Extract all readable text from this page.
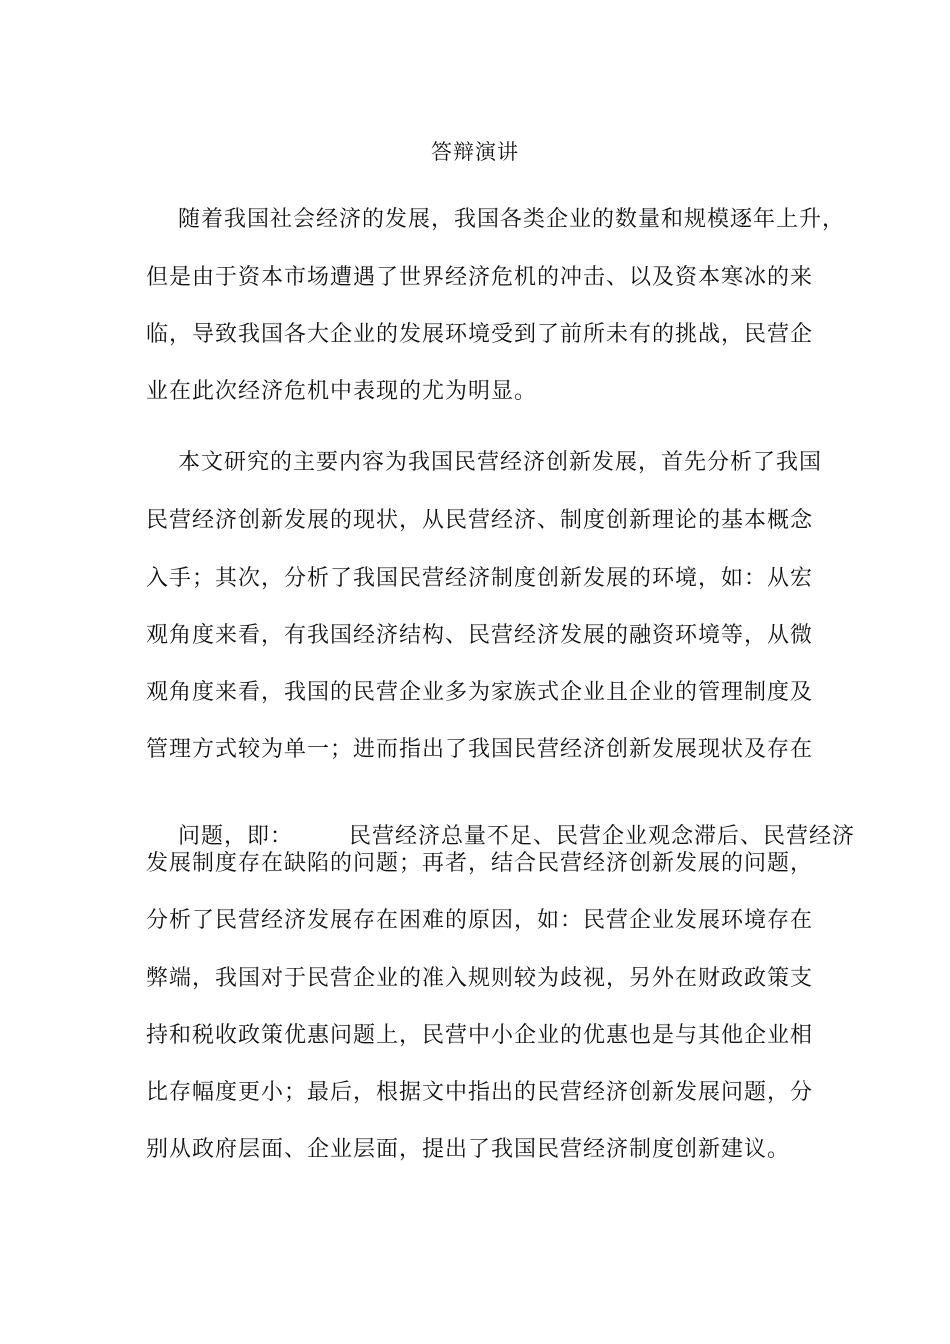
答辩演讲
随着我国社会经济的发展，我国各类企业的数量和规模逐年上升，
但是由于资本市场遭遇了世界经济危机的冲击、以及资本寒冰的来
临，导致我国各大企业的发展环境受到了前所未有的挑战，民营企
业在此次经济危机中表现的尤为明显。
本文研究的主要内容为我国民营经济创新发展，首先分析了我国
民营经济创新发展的现状，从民营经济、制度创新理论的基本概念
入手；其次，分析了我国民营经济制度创新发展的环境，如：从宏
观角度来看，有我国经济结构、民营经济发展的融资环境等，从微
观角度来看，我国的民营企业多为家族式企业且企业的管理制度及
管理方式较为单一；进而指出了我国民营经济创新发展现状及存在

问题，即：	民营经济总量不足、民营企业观念滞后、民营经济

发展制度存在缺陷的问题；再者，结合民营经济创新发展的问题，
分析了民营经济发展存在困难的原因，如：民营企业发展环境存在
弊端，我国对于民营企业的准入规则较为歧视，另外在财政政策支
持和税收政策优惠问题上，民营中小企业的优惠也是与其他企业相
比存幅度更小；最后，根据文中指出的民营经济创新发展问题，分
别从政府层面、企业层面，提出了我国民营经济制度创新建议。
